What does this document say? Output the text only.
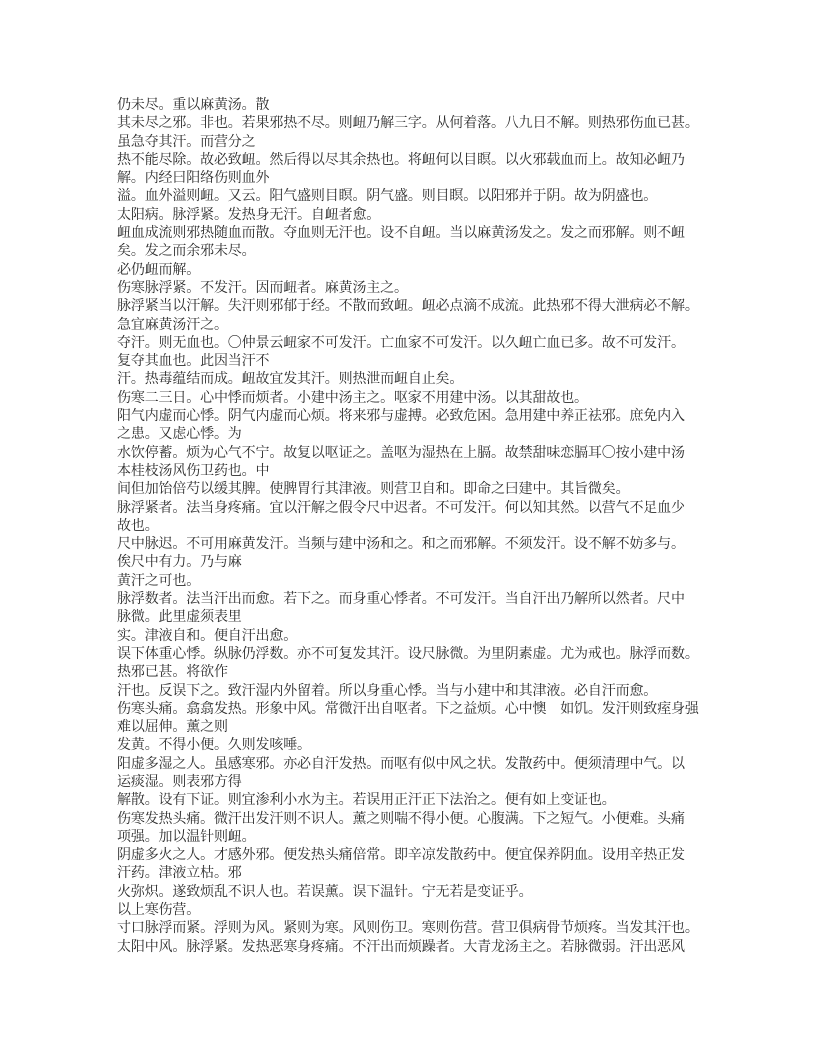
仍未尽。重以麻黄汤。散
其未尽之邪。非也。若果邪热不尽。则衄乃解三字。从何着落。八九日不解。则热邪伤血已甚。
虽急夺其汗。而营分之
热不能尽除。故必致衄。然后得以尽其余热也。将衄何以目瞑。以火邪载血而上。故知必衄乃
解。内经曰阳络伤则血外
溢。血外溢则衄。又云。阳气盛则目瞑。阴气盛。则目瞑。以阳邪并于阴。故为阴盛也。
太阳病。脉浮紧。发热身无汗。自衄者愈。
衄血成流则邪热随血而散。夺血则无汗也。设不自衄。当以麻黄汤发之。发之而邪解。则不衄
矣。发之而余邪未尽。
必仍衄而解。
伤寒脉浮紧。不发汗。因而衄者。麻黄汤主之。
脉浮紧当以汗解。失汗则邪郁于经。不散而致衄。衄必点滴不成流。此热邪不得大泄病必不解。
急宜麻黄汤汗之。
夺汗。则无血也。〇仲景云衄家不可发汗。亡血家不可发汗。以久衄亡血已多。故不可发汗。
复夺其血也。此因当汗不
汗。热毒蕴结而成。衄故宜发其汗。则热泄而衄自止矣。
伤寒二三日。心中悸而烦者。小建中汤主之。呕家不用建中汤。以其甜故也。
阳气内虚而心悸。阴气内虚而心烦。将来邪与虚搏。必致危困。急用建中养正祛邪。庶免内入
之患。又虑心悸。为
水饮停蓄。烦为心气不宁。故复以呕证之。盖呕为湿热在上膈。故禁甜味恋膈耳〇按小建中汤
本桂枝汤风伤卫药也。中
间但加饴倍芍以缓其脾。使脾胃行其津液。则营卫自和。即命之曰建中。其旨微矣。
脉浮紧者。法当身疼痛。宜以汗解之假令尺中迟者。不可发汗。何以知其然。以营气不足血少
故也。
尺中脉迟。不可用麻黄发汗。当频与建中汤和之。和之而邪解。不须发汗。设不解不妨多与。
俟尺中有力。乃与麻
黄汗之可也。
脉浮数者。法当汗出而愈。若下之。而身重心悸者。不可发汗。当自汗出乃解所以然者。尺中
脉微。此里虚须表里
实。津液自和。便自汗出愈。
误下体重心悸。纵脉仍浮数。亦不可复发其汗。设尺脉微。为里阴素虚。尤为戒也。脉浮而数。
热邪已甚。将欲作
汗也。反误下之。致汗湿内外留着。所以身重心悸。当与小建中和其津液。必自汗而愈。
伤寒头痛。翕翕发热。形象中风。常微汗出自呕者。下之益烦。心中懊　如饥。发汗则致痓身强
难以屈伸。薰之则
发黄。不得小便。久则发咳唾。
阳虚多湿之人。虽感寒邪。亦必自汗发热。而呕有似中风之状。发散药中。便须清理中气。以
运痰湿。则表邪方得
解散。设有下证。则宜渗利小水为主。若误用正汗正下法治之。便有如上变证也。
伤寒发热头痛。微汗出发汗则不识人。薰之则喘不得小便。心腹满。下之短气。小便难。头痛
项强。加以温针则衄。
阴虚多火之人。才感外邪。便发热头痛倍常。即辛凉发散药中。便宜保养阴血。设用辛热正发
汗药。津液立枯。邪
火弥炽。遂致烦乱不识人也。若误薰。误下温针。宁无若是变证乎。
以上寒伤营。
寸口脉浮而紧。浮则为风。紧则为寒。风则伤卫。寒则伤营。营卫俱病骨节烦疼。当发其汗也。
太阳中风。脉浮紧。发热恶寒身疼痛。不汗出而烦躁者。大青龙汤主之。若脉微弱。汗出恶风
